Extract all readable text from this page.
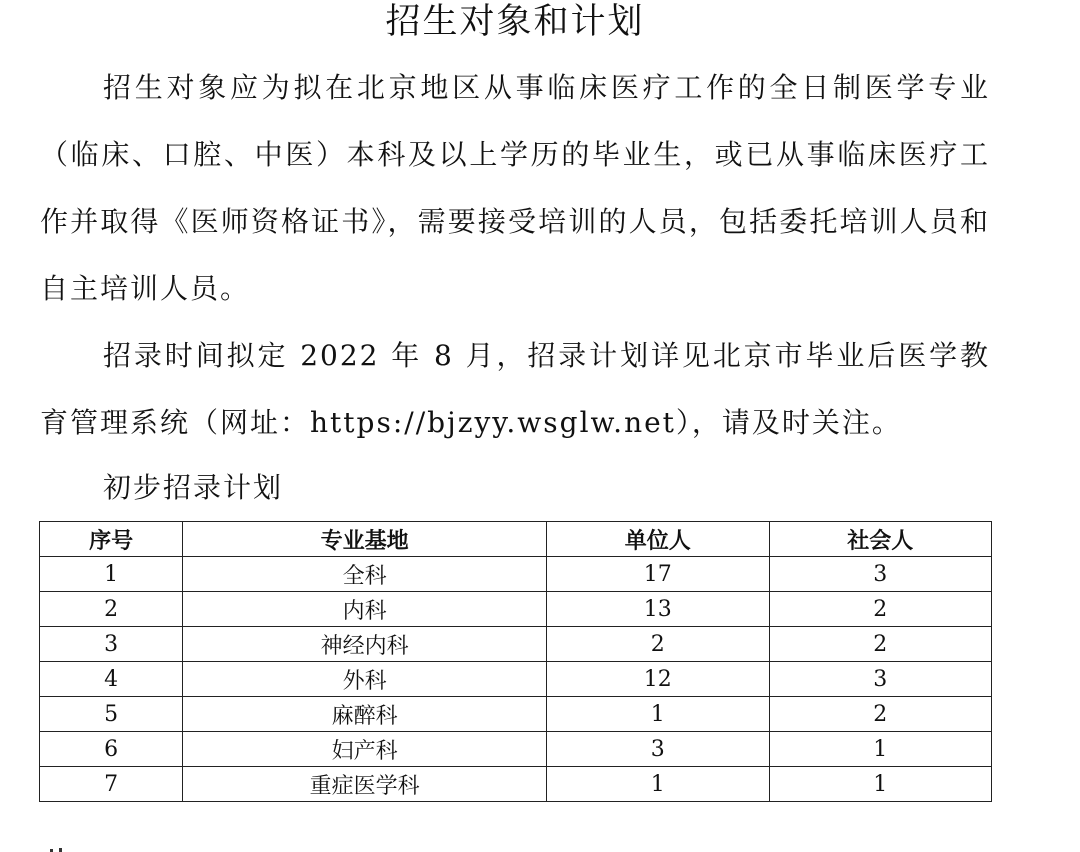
招生对象和计划

招生对象应为拟在北京地区从事临床医疗工作的全日制医学专业（临床、口腔、中医）本科及以上学历的毕业生，或已从事临床医疗工作并取得《医师资格证书》，需要接受培训的人员，包括委托培训人员和自主培训人员。

招录时间拟定 2022 年 8 月，招录计划详见北京市毕业后医学教育管理系统（网址：https://bjzyy.wsglw.net），请及时关注。

初步招录计划
序号	专业基地	单位人	社会人
1	全科	17	3
2	内科	13	2
3	神经内科	2	2
4	外科	12	3
5	麻醉科	1	2
6	妇产科	3	1
7	重症医学科	1	1
